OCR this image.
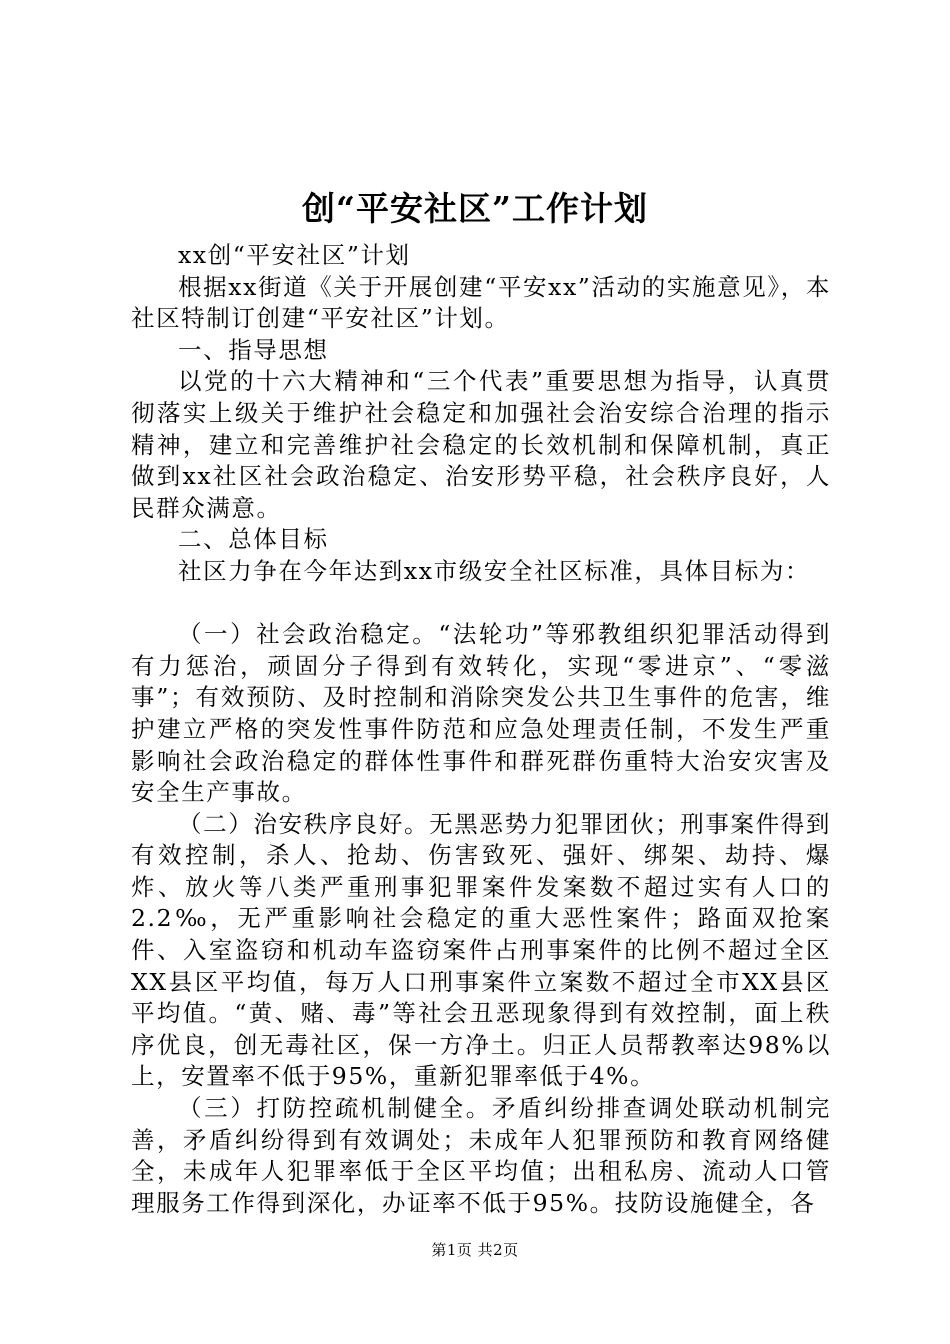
创“平安社区”工作计划

xx创“平安社区”计划

根据xx街道《关于开展创建“平安xx”活动的实施意见》，本社区特制订创建“平安社区”计划。

一、指导思想

以党的十六大精神和“三个代表”重要思想为指导，认真贯彻落实上级关于维护社会稳定和加强社会治安综合治理的指示精神，建立和完善维护社会稳定的长效机制和保障机制，真正做到xx社区社会政治稳定、治安形势平稳，社会秩序良好，人民群众满意。

二、总体目标

社区力争在今年达到xx市级安全社区标准，具体目标为：

（一）社会政治稳定。“法轮功”等邪教组织犯罪活动得到有力惩治，顽固分子得到有效转化，实现“零进京”、“零滋事”；有效预防、及时控制和消除突发公共卫生事件的危害，维护建立严格的突发性事件防范和应急处理责任制，不发生严重影响社会政治稳定的群体性事件和群死群伤重特大治安灾害及安全生产事故。

（二）治安秩序良好。无黑恶势力犯罪团伙；刑事案件得到有效控制，杀人、抢劫、伤害致死、强奸、绑架、劫持、爆炸、放火等八类严重刑事犯罪案件发案数不超过实有人口的2.2‰，无严重影响社会稳定的重大恶性案件；路面双抢案件、入室盗窃和机动车盗窃案件占刑事案件的比例不超过全区XX县区平均值，每万人口刑事案件立案数不超过全市XX县区平均值。“黄、赌、毒”等社会丑恶现象得到有效控制，面上秩序优良，创无毒社区，保一方净土。归正人员帮教率达98%以上，安置率不低于95%，重新犯罪率低于4%。

（三）打防控疏机制健全。矛盾纠纷排查调处联动机制完善，矛盾纠纷得到有效调处；未成年人犯罪预防和教育网络健全，未成年人犯罪率低于全区平均值；出租私房、流动人口管理服务工作得到深化，办证率不低于95%。技防设施健全，各

第1页 共2页
